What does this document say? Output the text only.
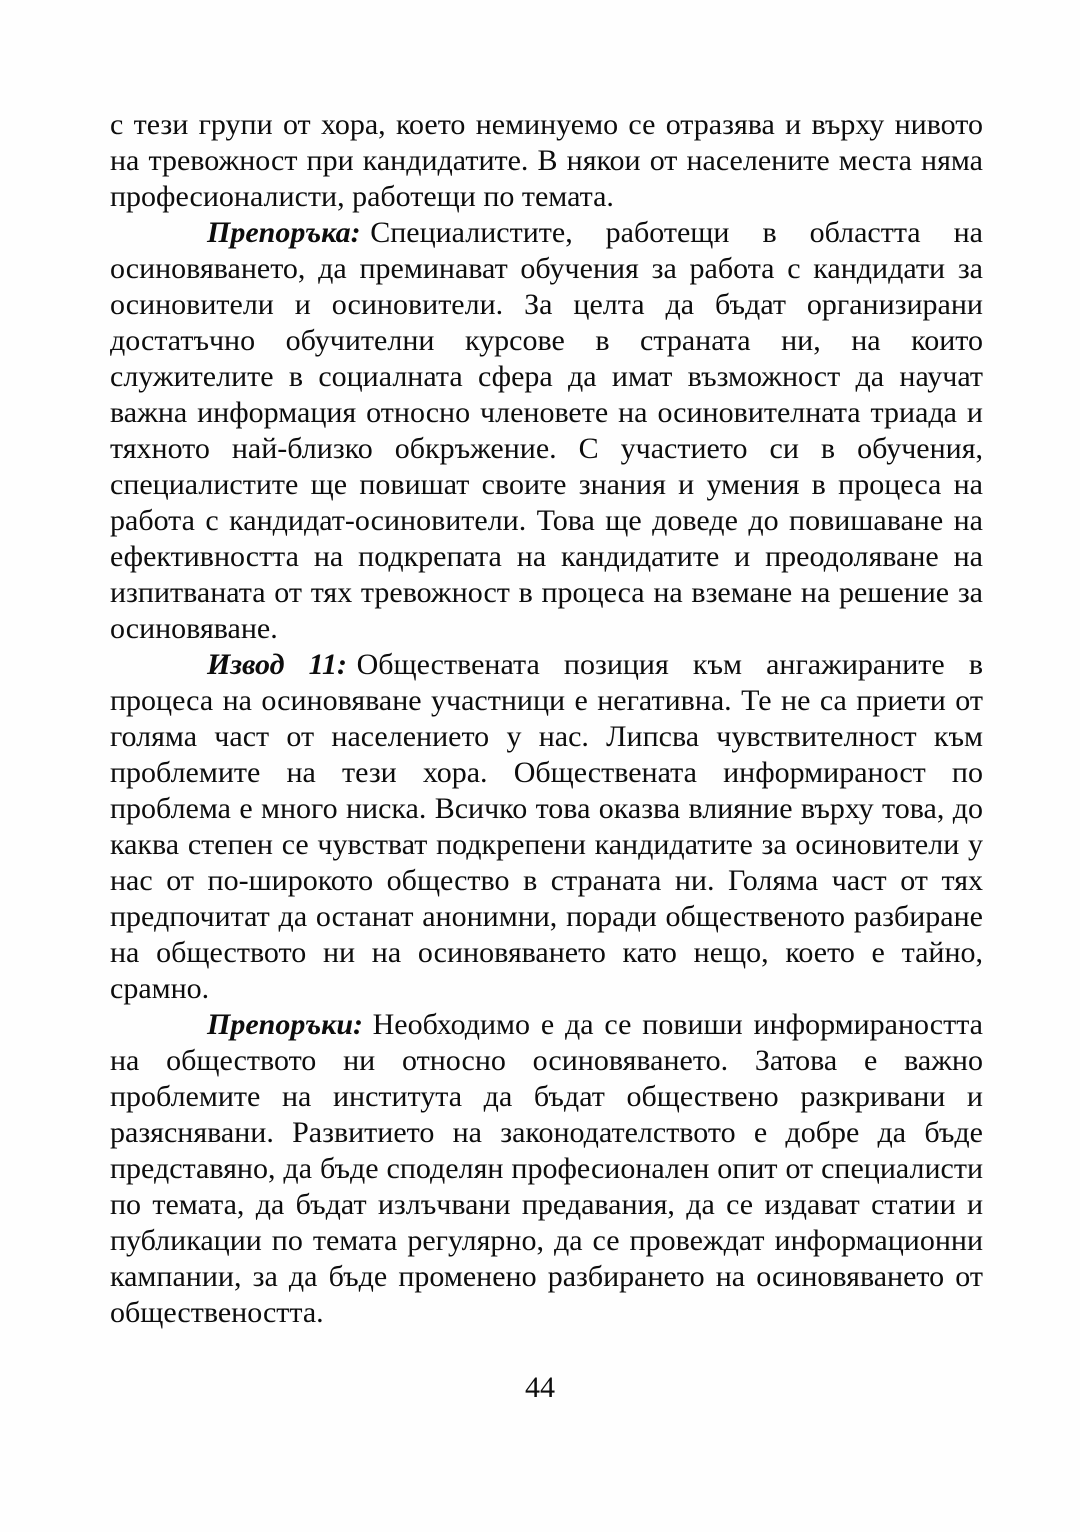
с тези групи от хора, което неминуемо се отразява и върху нивото на тревожност при кандидатите. В някои от населените места няма професионалисти, работещи по темата.

Препоръка: Специалистите, работещи в областта на осиновяването, да преминават обучения за работа с кандидати за осиновители и осиновители. За целта да бъдат организирани достатъчно обучителни курсове в страната ни, на които служителите в социалната сфера да имат възможност да научат важна информация относно членовете на осиновителната триада и тяхното най-близко обкръжение. С участието си в обучения, специалистите ще повишат своите знания и умения в процеса на работа с кандидат-осиновители. Това ще доведе до повишаване на ефективността на подкрепата на кандидатите и преодоляване на изпитваната от тях тревожност в процеса на вземане на решение за осиновяване.

Извод 11: Обществената позиция към ангажираните в процеса на осиновяване участници е негативна. Те не са приети от голяма част от населението у нас. Липсва чувствителност към проблемите на тези хора. Обществената информираност по проблема е много ниска. Всичко това оказва влияние върху това, до каква степен се чувстват подкрепени кандидатите за осиновители у нас от по-широкото общество в страната ни. Голяма част от тях предпочитат да останат анонимни, поради общественото разбиране на обществото ни на осиновяването като нещо, което е тайно, срамно.

Препоръки: Необходимо е да се повиши информираността на обществото ни относно осиновяването. Затова е важно проблемите на института да бъдат обществено разкривани и разяснявани. Развитието на законодателството е добре да бъде представяно, да бъде споделян професионален опит от специалисти по темата, да бъдат излъчвани предавания, да се издават статии и публикации по темата регулярно, да се провеждат информационни кампании, за да бъде променено разбирането на осиновяването от обществеността.

44
